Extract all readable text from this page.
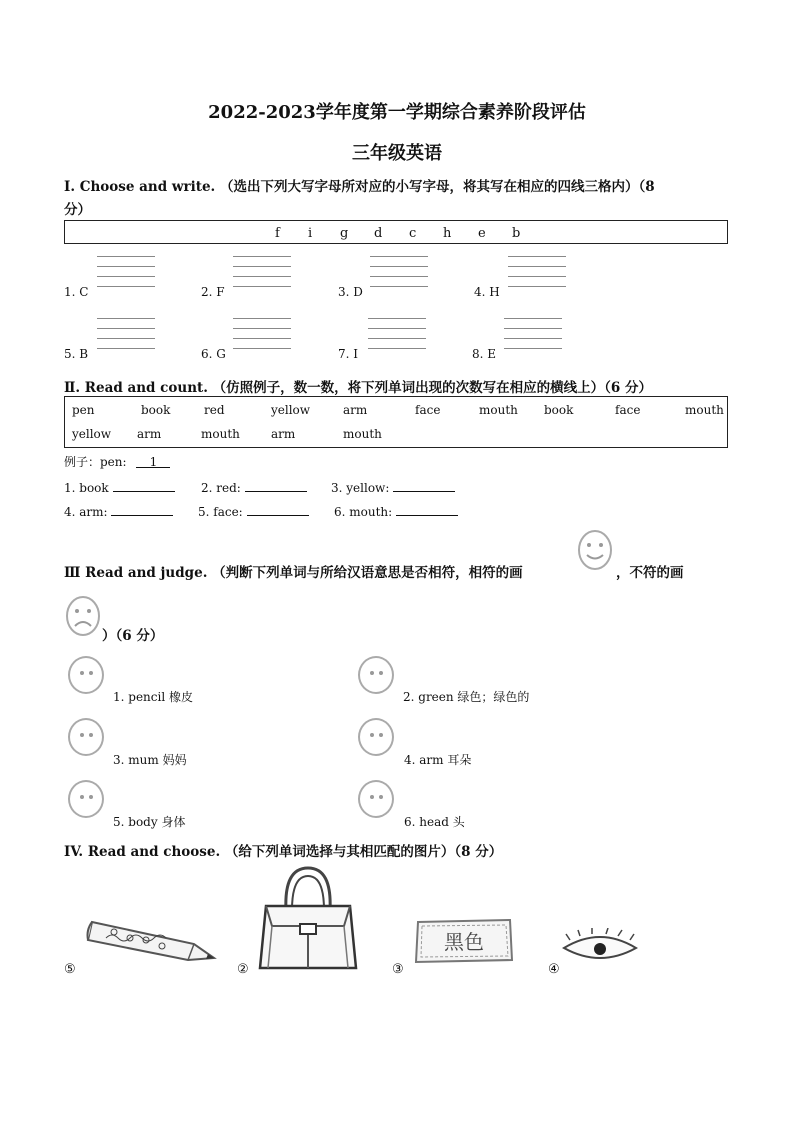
2022-2023学年度第一学期综合素养阶段评估
三年级英语
I. Choose and write. （选出下列大写字母所对应的小写字母，将其写在相应的四线三格内）（8
分）
f i g d c h e b
1. C	2. F	3. D	4. H
5. B	6. G	7. I	8. E
Ⅱ. Read and count. （仿照例子，数一数，将下列单词出现的次数写在相应的横线上）（6 分）
pen	book	red	yellow	arm	face	mouth book	face	mouth
yellow arm	mouth	arm	mouth
例子：pen: 1
1. book	2. red:	3. yellow:
4. arm:	5. face:	6. mouth:
Ⅲ Read and judge. （判断下列单词与所给汉语意思是否相符，相符的画	，不符的画
）（6 分）
1. pencil 橡皮	2. green 绿色；绿色的
3. mum 妈妈	4. arm 耳朵
5. body 身体	6. head 头
IV. Read and choose. （给下列单词选择与其相匹配的图片）（8 分）
⑤	②	③
黑色
④
